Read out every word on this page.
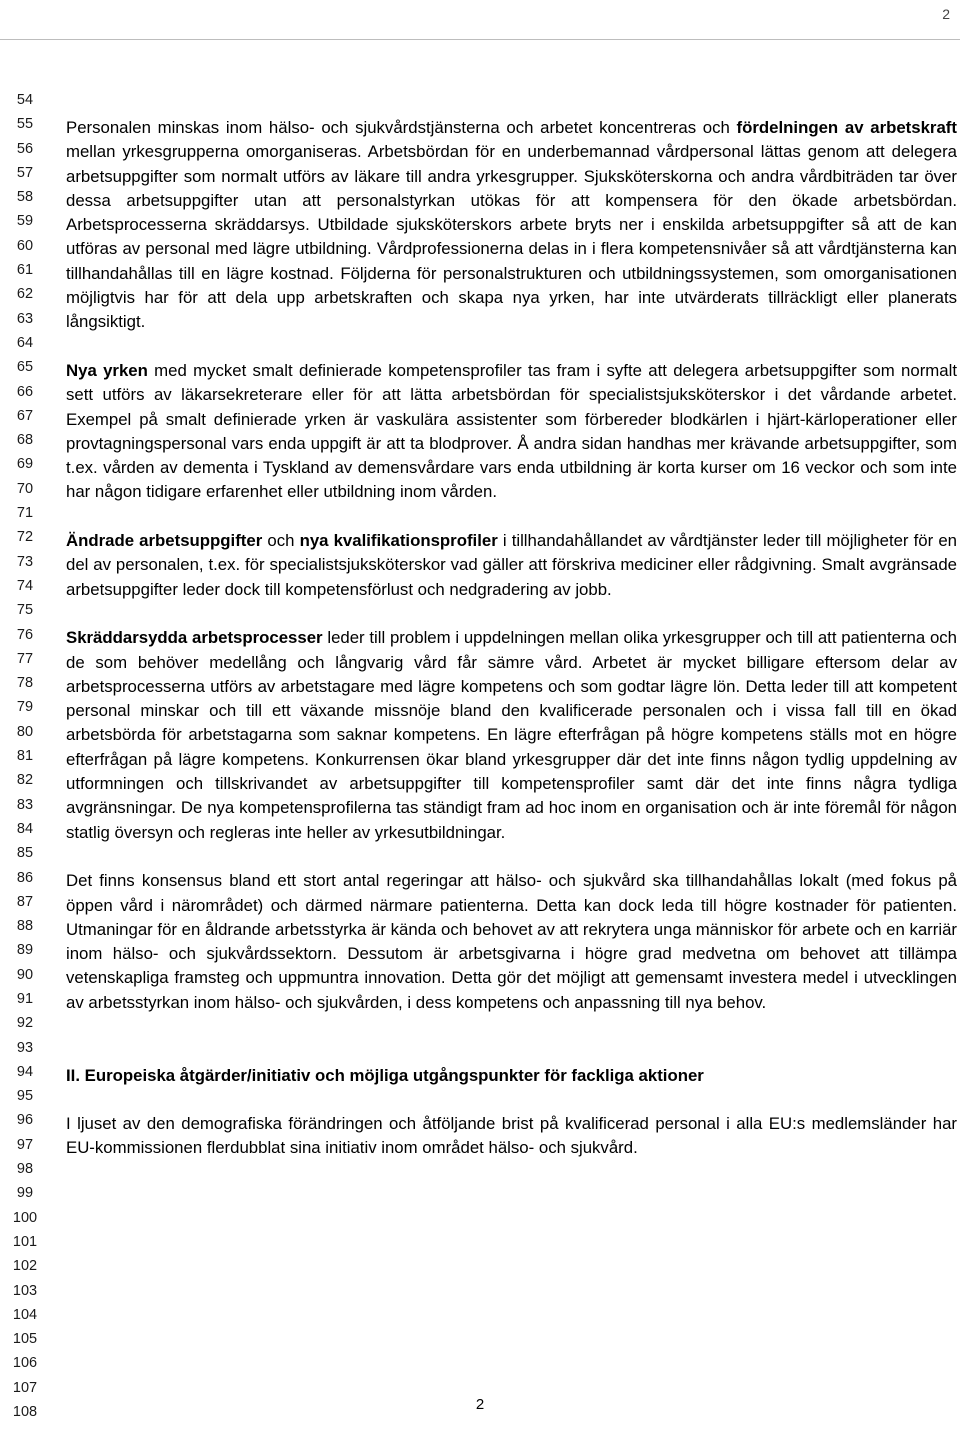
2
54
55
56
57
58
59
60
61
62
63
64
65
66
67
68
69
70
71
72
73
74
75
76
77
78
79
80
81
82
83
84
85
86
87
88
89
90
91
92
93
94
95
96
97
98
99
100
101
102
103
104
105
106
107
108

Personalen minskas inom hälso- och sjukvårdstjänsterna och arbetet koncentreras och fördelningen av arbetskraft mellan yrkesgrupperna omorganiseras. Arbetsbördan för en underbemannad vårdpersonal lättas genom att delegera arbetsuppgifter som normalt utförs av läkare till andra yrkesgrupper. Sjuksköterskorna och andra vårdbiträden tar över dessa arbetsuppgifter utan att personalstyrkan utökas för att kompensera för den ökade arbetsbördan. Arbetsprocesserna skräddarsys. Utbildade sjuksköterskors arbete bryts ner i enskilda arbetsuppgifter så att de kan utföras av personal med lägre utbildning. Vårdprofessionerna delas in i flera kompetensnivåer så att vårdtjänsterna kan tillhandahållas till en lägre kostnad. Följderna för personalstrukturen och utbildningssystemen, som omorganisationen möjligtvis har för att dela upp arbetskraften och skapa nya yrken, har inte utvärderats tillräckligt eller planerats långsiktigt.

Nya yrken med mycket smalt definierade kompetensprofiler tas fram i syfte att delegera arbetsuppgifter som normalt sett utförs av läkarsekreterare eller för att lätta arbetsbördan för specialistsjuksköterskor i det vårdande arbetet. Exempel på smalt definierade yrken är vaskulära assistenter som förbereder blodkärlen i hjärt-kärloperationer eller provtagningspersonal vars enda uppgift är att ta blodprover. Å andra sidan handhas mer krävande arbetsuppgifter, som t.ex. vården av dementa i Tyskland av demensvårdare vars enda utbildning är korta kurser om 16 veckor och som inte har någon tidigare erfarenhet eller utbildning inom vården.

Ändrade arbetsuppgifter och nya kvalifikationsprofiler i tillhandahållandet av vårdtjänster leder till möjligheter för en del av personalen, t.ex. för specialistsjuksköterskor vad gäller att förskriva mediciner eller rådgivning. Smalt avgränsade arbetsuppgifter leder dock till kompetensförlust och nedgradering av jobb.

Skräddarsydda arbetsprocesser leder till problem i uppdelningen mellan olika yrkesgrupper och till att patienterna och de som behöver medellång och långvarig vård får sämre vård. Arbetet är mycket billigare eftersom delar av arbetsprocesserna utförs av arbetstagare med lägre kompetens och som godtar lägre lön. Detta leder till att kompetent personal minskar och till ett växande missnöje bland den kvalificerade personalen och i vissa fall till en ökad arbetsbörda för arbetstagarna som saknar kompetens. En lägre efterfrågan på högre kompetens ställs mot en högre efterfrågan på lägre kompetens. Konkurrensen ökar bland yrkesgrupper där det inte finns någon tydlig uppdelning av utformningen och tillskrivandet av arbetsuppgifter till kompetensprofiler samt där det inte finns några tydliga avgränsningar. De nya kompetensprofilerna tas ständigt fram ad hoc inom en organisation och är inte föremål för någon statlig översyn och regleras inte heller av yrkesutbildningar.

Det finns konsensus bland ett stort antal regeringar att hälso- och sjukvård ska tillhandahållas lokalt (med fokus på öppen vård i närområdet) och därmed närmare patienterna. Detta kan dock leda till högre kostnader för patienten. Utmaningar för en åldrande arbetsstyrka är kända och behovet av att rekrytera unga människor för arbete och en karriär inom hälso- och sjukvårdssektorn. Dessutom är arbetsgivarna i högre grad medvetna om behovet att tillämpa vetenskapliga framsteg och uppmuntra innovation. Detta gör det möjligt att gemensamt investera medel i utvecklingen av arbetsstyrkan inom hälso- och sjukvården, i dess kompetens och anpassning till nya behov.

II. Europeiska åtgärder/initiativ och möjliga utgångspunkter för fackliga aktioner

I ljuset av den demografiska förändringen och åtföljande brist på kvalificerad personal i alla EU:s medlemsländer har EU-kommissionen flerdubblat sina initiativ inom området hälso- och sjukvård.

2
